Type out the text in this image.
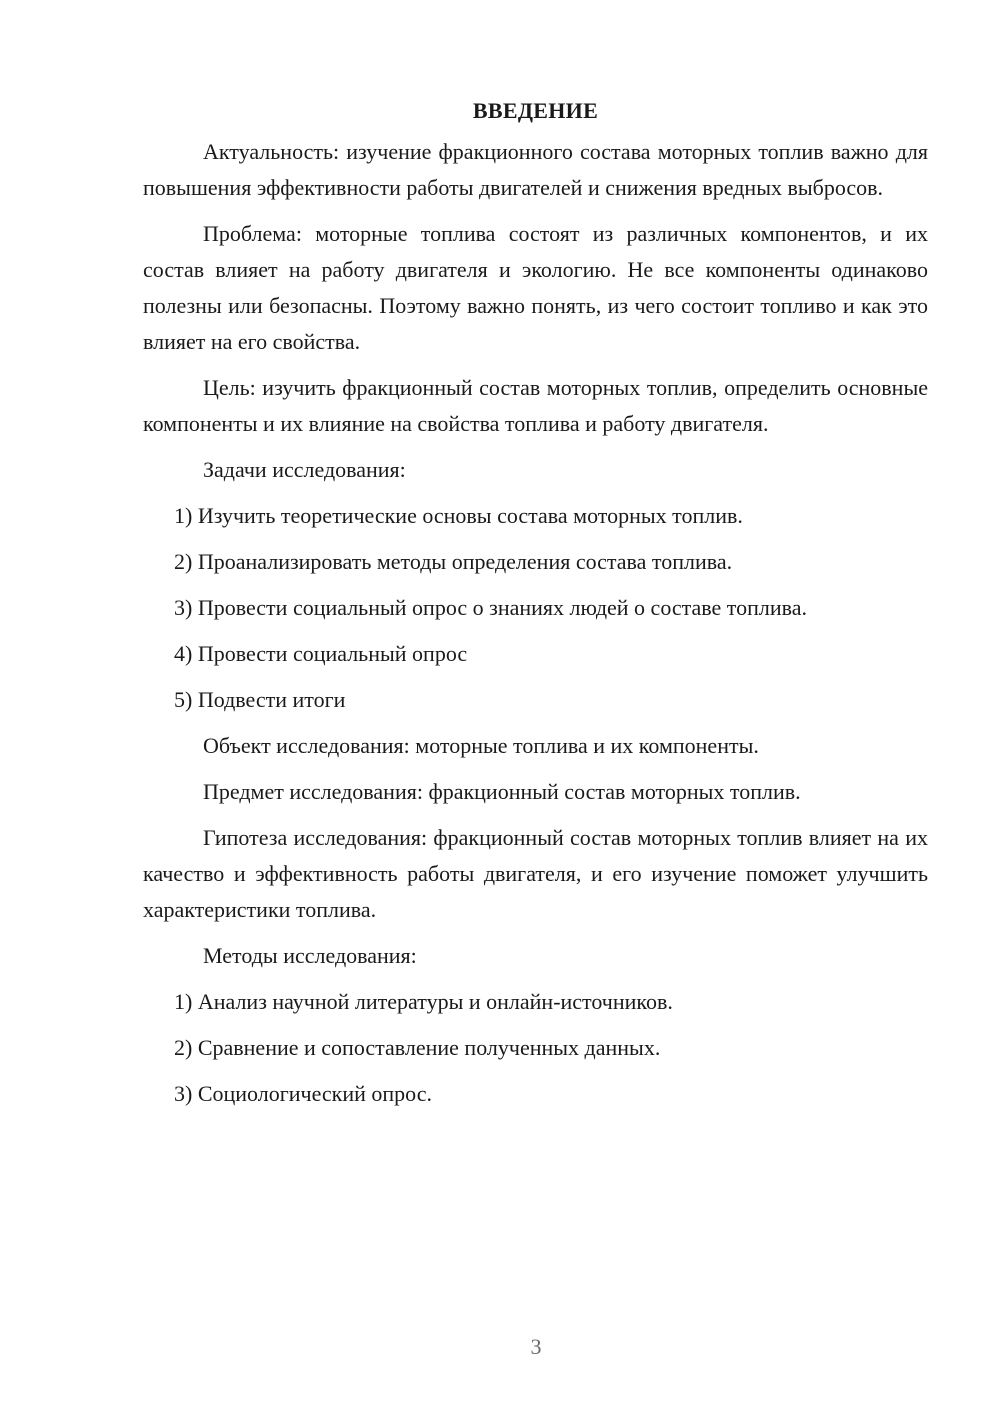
ВВЕДЕНИЕ
Актуальность: изучение фракционного состава моторных топлив важно для повышения эффективности работы двигателей и снижения вредных выбросов.
Проблема: моторные топлива состоят из различных компонентов, и их состав влияет на работу двигателя и экологию. Не все компоненты одинаково полезны или безопасны. Поэтому важно понять, из чего состоит топливо и как это влияет на его свойства.
Цель: изучить фракционный состав моторных топлив, определить основные компоненты и их влияние на свойства топлива и работу двигателя.
Задачи исследования:
1) Изучить теоретические основы состава моторных топлив.
2) Проанализировать методы определения состава топлива.
3) Провести социальный опрос о знаниях людей о составе топлива.
4) Провести социальный опрос
5) Подвести итоги
Объект исследования: моторные топлива и их компоненты.
Предмет исследования: фракционный состав моторных топлив.
Гипотеза исследования: фракционный состав моторных топлив влияет на их качество и эффективность работы двигателя, и его изучение поможет улучшить характеристики топлива.
Методы исследования:
1) Анализ научной литературы и онлайн-источников.
2) Сравнение и сопоставление полученных данных.
3) Социологический опрос.
3
